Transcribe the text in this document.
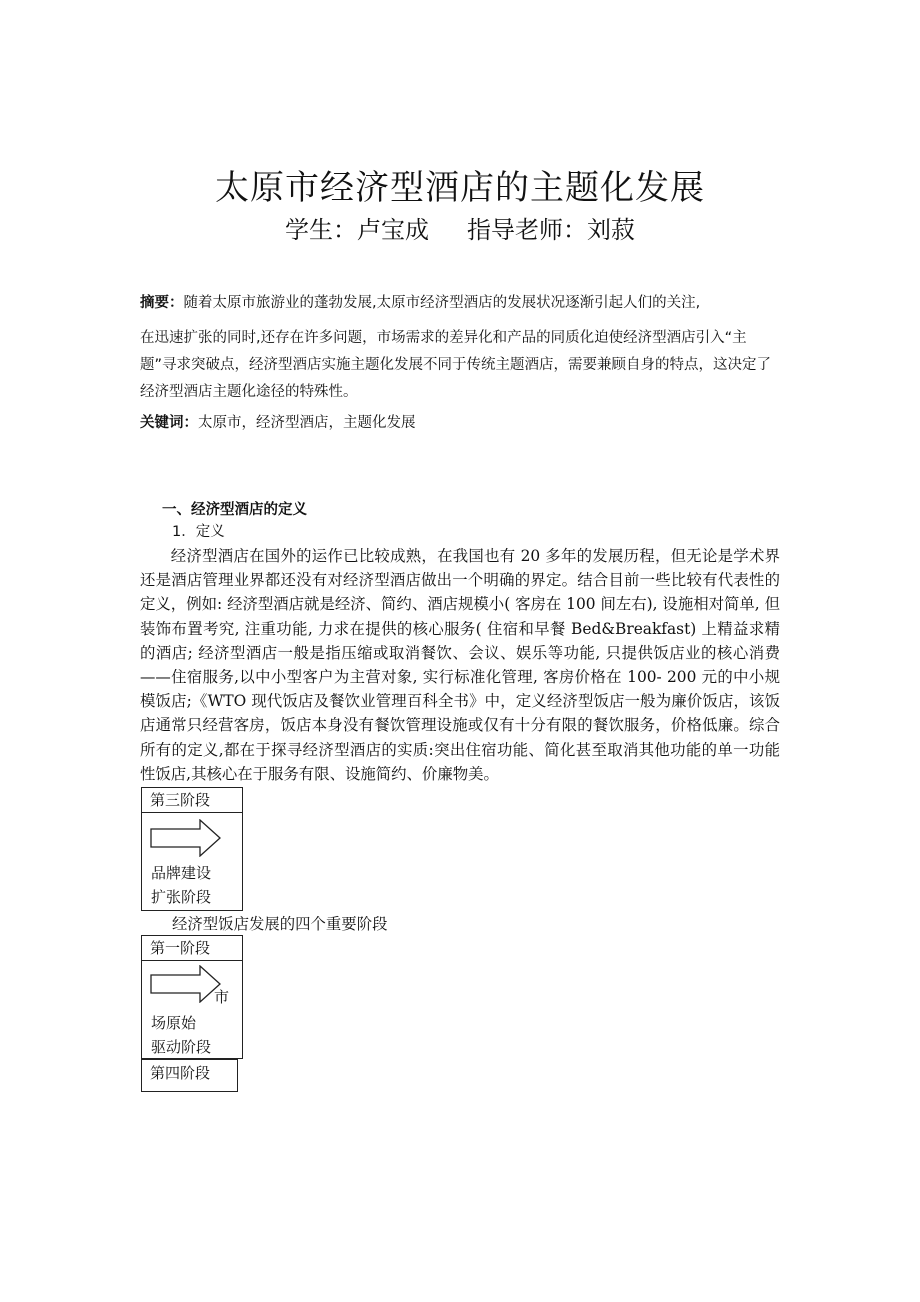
太原市经济型酒店的主题化发展
学生：卢宝成 指导老师：刘菽
摘要：随着太原市旅游业的蓬勃发展,太原市经济型酒店的发展状况逐渐引起人们的关注,
在迅速扩张的同时,还存在许多问题，市场需求的差异化和产品的同质化迫使经济型酒店引入“主题”寻求突破点，经济型酒店实施主题化发展不同于传统主题酒店，需要兼顾自身的特点，这决定了经济型酒店主题化途径的特殊性。
关键词：太原市，经济型酒店，主题化发展
一、经济型酒店的定义
1．定义
经济型酒店在国外的运作已比较成熟，在我国也有 20 多年的发展历程，但无论是学术界还是酒店管理业界都还没有对经济型酒店做出一个明确的界定。结合目前一些比较有代表性的定义，例如: 经济型酒店就是经济、简约、酒店规模小( 客房在 100 间左右), 设施相对简单, 但装饰布置考究, 注重功能, 力求在提供的核心服务( 住宿和早餐 Bed&Breakfast) 上精益求精的酒店; 经济型酒店一般是指压缩或取消餐饮、会议、娱乐等功能, 只提供饭店业的核心消费——住宿服务,以中小型客户为主营对象, 实行标准化管理, 客房价格在 100- 200 元的中小规模饭店;《WTO 现代饭店及餐饮业管理百科全书》中，定义经济型饭店一般为廉价饭店，该饭店通常只经营客房，饭店本身没有餐饮管理设施或仅有十分有限的餐饮服务，价格低廉。综合所有的定义,都在于探寻经济型酒店的实质:突出住宿功能、简化甚至取消其他功能的单一功能性饭店,其核心在于服务有限、设施简约、价廉物美。
第三阶段
品牌建设
扩张阶段
经济型饭店发展的四个重要阶段
第一阶段
市
场原始
驱动阶段
第四阶段
